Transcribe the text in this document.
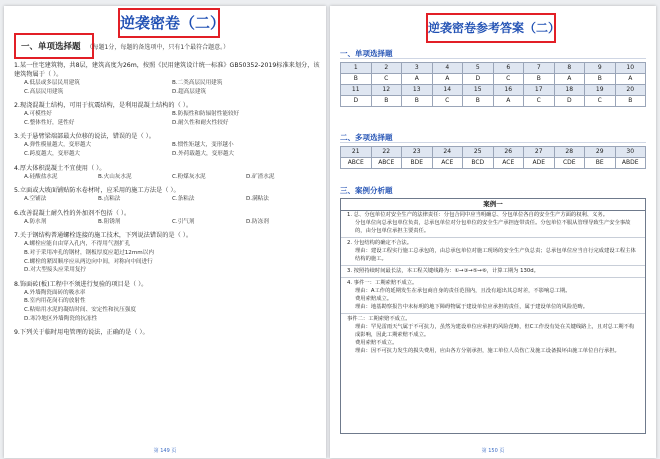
逆袭密卷（二）
一、单项选择题 （每题1分，每题的备选项中，只有1个最符合题意。）
1.某一住宅建筑物，共8层，建筑高度为26m，按照《民用建筑设计统一标准》GB50352-2019标准来划分，该建筑物属于（ ）。
A.低层或多层民用建筑	B.二类高层民用建筑
C.高层民用建筑	D.超高层建筑
2.现浇混凝土结构，可用于抗震结构，是利用混凝土结构的（ ）。
A.可模性好	B.防振性和防辐射性能较好
C.整体性好，延性好	D.耐久性和耐火性较好
3.关于悬臂梁端部最大位移的说法，错误的是（ ）。
A.弹性模量越大，变形越大	B.惯性矩越大，变形越小
C.跨度越大，变形越大	D.外荷载越大，变形越大
4.厚大体积混凝土不宜使用（ ）。
A.硅酸盐水泥	B.火山灰水泥	C.粉煤灰水泥	D.矿渣水泥
5.立面或大坡面铺贴防水卷材时，应采用的施工方法是（ ）。
A.空铺法	B.点粘法	C.条粘法	D.满粘法
6.改善混凝土耐久性的外加剂不包括（ ）。
A.防水剂	B.阻锈剂	C.引气剂	D.防冻剂
7.关于钢结构普通螺栓连接的施工技术，下列说法错误的是（ ）。
A.螺栓应能自由穿入孔内，不得用气割扩孔
B.对于采用冲孔的钢材，钢板厚度应超过12mm以内
C.螺栓的紧固顺序应从两边向中间，对称向中间进行
D.对大型接头应采用复拧
8.饰面砖(板)工程中不须进行复验的项目是（ ）。
A.外墙陶瓷面砖的吸水率
B.室内用花岗石的放射性
C.粘贴用水泥的凝结时间、安定性和抗压强度
D.寒冷地区外墙陶瓷的抗冻性
9.下列关于临时用电管理的说法，正确的是（ ）。
第 149 页
逆袭密卷参考答案（二）
一、单项选择题
1	2	3	4	5	6	7	8	9	10
B	C	A	A	D	C	B	A	B	A
11	12	13	14	15	16	17	18	19	20
D	B	B	C	B	A	C	D	C	B
二、多项选择题
21	22	23	24	25	26	27	28	29	30
ABCE	ABCE	BDE	ACE	BCD	ACE	ADE	CDE	BE	ABDE
三、案例分析题
案例一
1. 总、分包单位对安全生产的法律责任：分包合同中应当明确总、分包单位各自的安全生产方面的权利、义务。
分包单位向总承包单位负责，总承包单位对分包单位的安全生产承担连带责任。分包单位不服从管理导致生产安全事故的，由分包单位承担主要责任。
2. 分包结构的确定不合法。
理由：建设工程实行施工总承包的，由总承包单位对施工现场的安全生产负总责；总承包单位应当自行完成建设工程主体结构的施工。
3. 按照持续时间最长法，本工程关键线路为：①→③→⑤→⑥，计算工期为 130d。
4. 事件一：工期索赔不成立。
理由：A工作的延期发生在承包商自身的责任范围内，且没有超出其总时差，不影响总工期。
费用索赔成立。
理由：地基勘察报告中未标明的地下障碍物属于建设单位应承担的责任，属于建设单位的风险范畴。
事件二：工期索赔不成立。
理由：罕见雷雨天气属于不可抗力，虽然为建设单位应承担的风险范畴，但C工作没有处在关键线路上，且对总工期不构成影响，因此工期索赔不成立。
费用索赔不成立。
理由：因不可抗力发生的损失费用，应由各方分别承担，施工单位人员伤亡及施工设备损坏由施工单位自行承担。
第 150 页
